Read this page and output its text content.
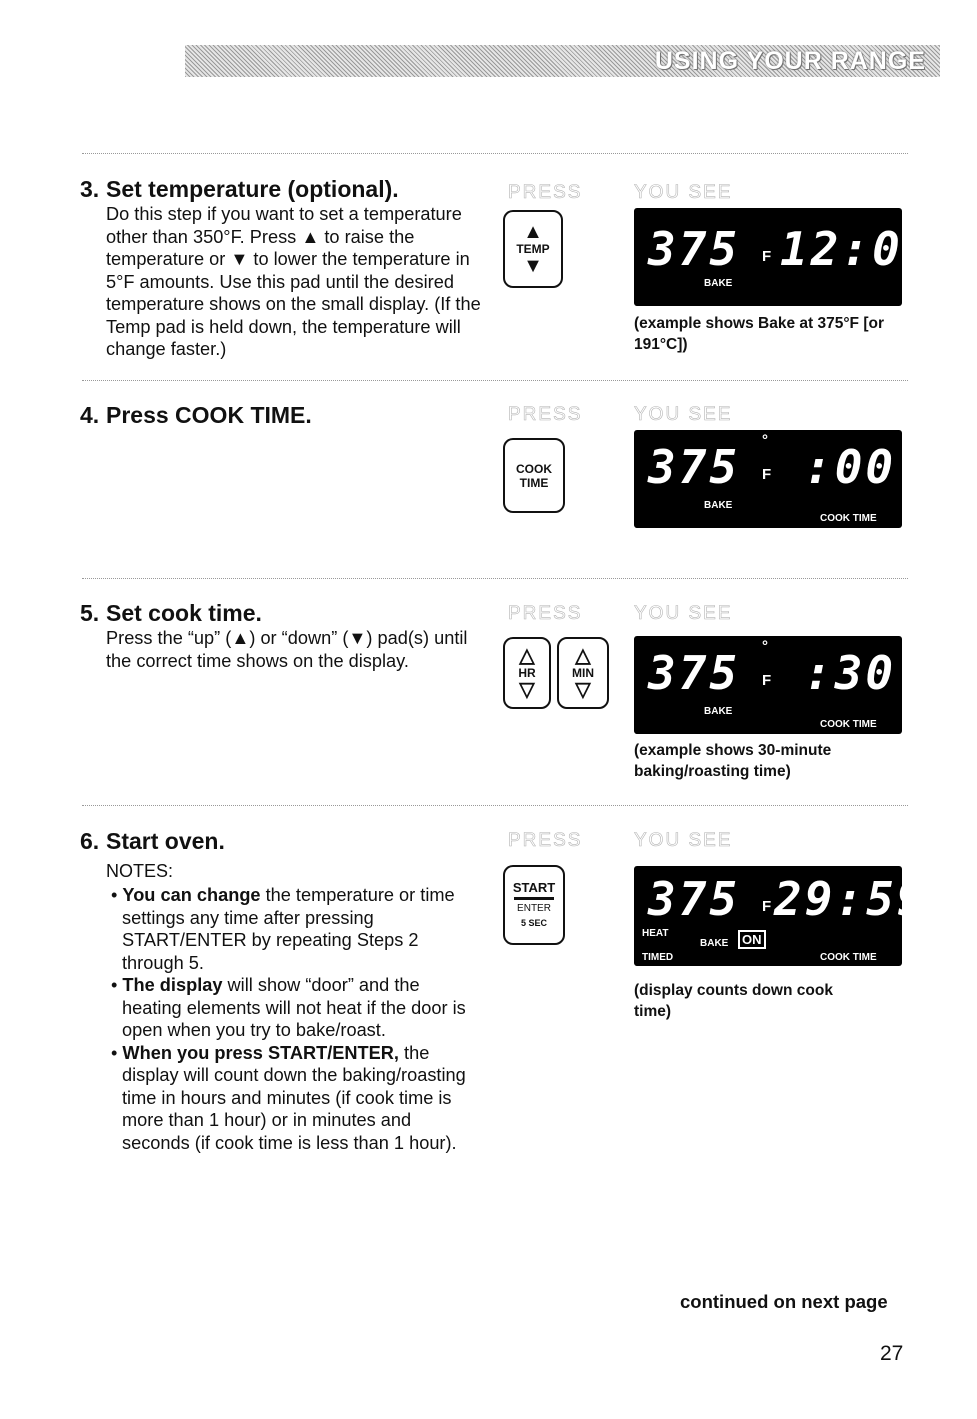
USING YOUR RANGE

3. Set temperature (optional).

Do this step if you want to set a temperature other than 350°F. Press ▲ to raise the temperature or ▼ to lower the temperature in 5°F amounts. Use this pad until the desired temperature shows on the small display. (If the Temp pad is held down, the temperature will change faster.)
PRESS	YOU SEE
▲
TEMP
▼ 375 F 12:00
BAKE
(example shows Bake at 375°F [or 191°C])

4. Press COOK TIME.	PRESS	YOU SEE
COOK
TIME 375 °
F :00
BAKE
COOK TIME

5. Set cook time.

Press the “up” (▲) or “down” (▼) pad(s) until the correct time shows on the display.
PRESS	YOU SEE
△
HR
▽
△
MIN
▽ 375 °
F :30
BAKE
COOK TIME
(example shows 30-minute baking/roasting time)

6. Start oven.

NOTES:
• You can change the temperature or time settings any time after pressing START/ENTER by repeating Steps 2 through 5.
• The display will show “door” and the heating elements will not heat if the door is open when you try to bake/roast.
• When you press START/ENTER, the display will count down the baking/roasting time in hours and minutes (if cook time is more than 1 hour) or in minutes and seconds (if cook time is less than 1 hour).
PRESS	YOU SEE
START
ENTER
5 SEC 375 F 29:59
HEAT
TIMED
BAKE	ON
COOK TIME
(display counts down cook time)
continued on next page
27
